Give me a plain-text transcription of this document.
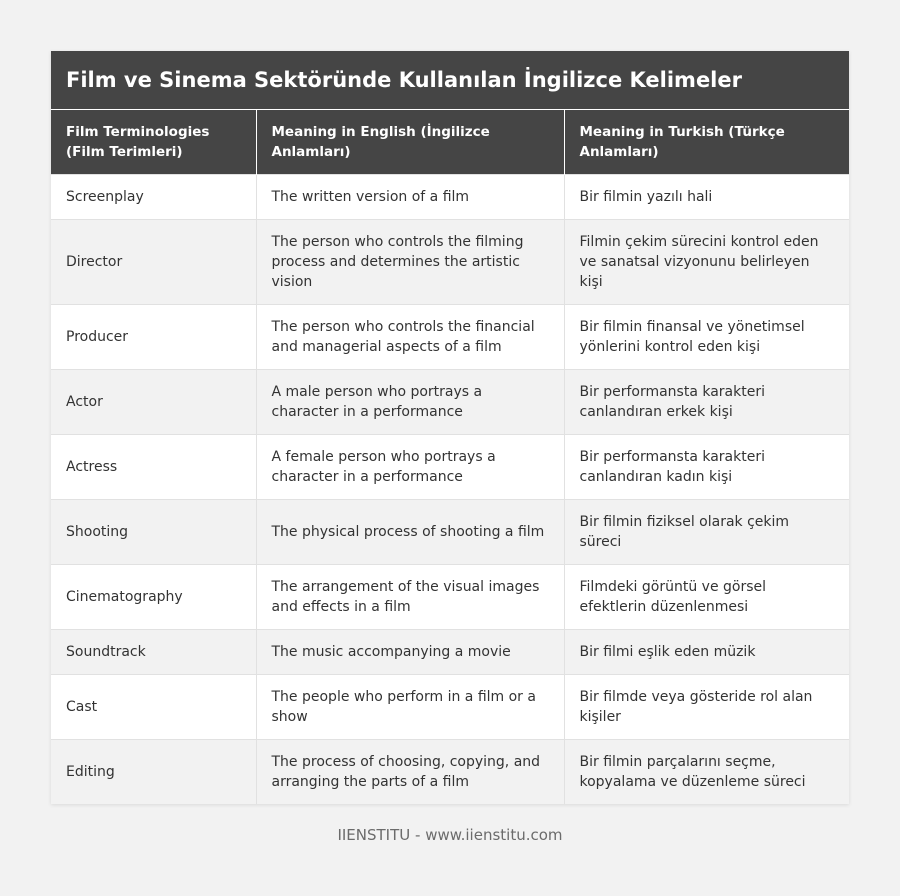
Film ve Sinema Sektöründe Kullanılan İngilizce Kelimeler
Film Terminologies (Film Terimleri)	Meaning in English (İngilizce Anlamları)	Meaning in Turkish (Türkçe Anlamları)
Screenplay	The written version of a film	Bir filmin yazılı hali
Director	The person who controls the filming process and determines the artistic vision	Filmin çekim sürecini kontrol eden ve sanatsal vizyonunu belirleyen kişi
Producer	The person who controls the financial and managerial aspects of a film	Bir filmin finansal ve yönetimsel yönlerini kontrol eden kişi
Actor	A male person who portrays a character in a performance	Bir performansta karakteri canlandıran erkek kişi
Actress	A female person who portrays a character in a performance	Bir performansta karakteri canlandıran kadın kişi
Shooting	The physical process of shooting a film	Bir filmin fiziksel olarak çekim süreci
Cinematography	The arrangement of the visual images and effects in a film	Filmdeki görüntü ve görsel efektlerin düzenlenmesi
Soundtrack	The music accompanying a movie	Bir filmi eşlik eden müzik
Cast	The people who perform in a film or a show	Bir filmde veya gösteride rol alan kişiler
Editing	The process of choosing, copying, and arranging the parts of a film	Bir filmin parçalarını seçme, kopyalama ve düzenleme süreci
IIENSTITU - www.iienstitu.com
